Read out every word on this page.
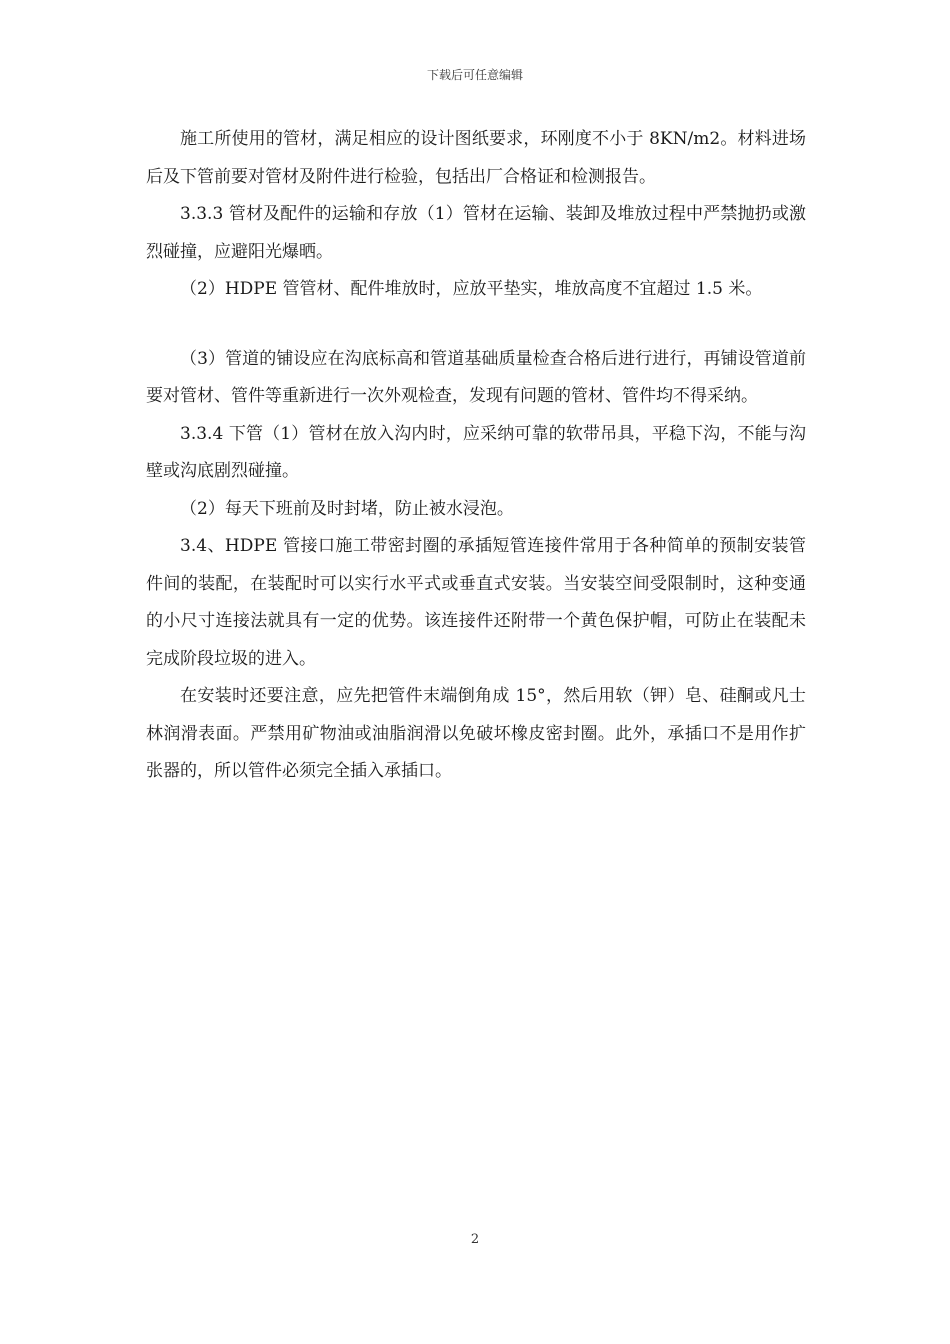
下载后可任意编辑

施工所使用的管材，满足相应的设计图纸要求，环刚度不小于 8KN/m2。材料进场后及下管前要对管材及附件进行检验，包括出厂合格证和检测报告。

3.3.3 管材及配件的运输和存放（1）管材在运输、装卸及堆放过程中严禁抛扔或激烈碰撞，应避阳光爆晒。

（2）HDPE 管管材、配件堆放时，应放平垫实，堆放高度不宜超过 1.5 米。

（3）管道的铺设应在沟底标高和管道基础质量检查合格后进行进行，再铺设管道前要对管材、管件等重新进行一次外观检查，发现有问题的管材、管件均不得采纳。

3.3.4 下管（1）管材在放入沟内时，应采纳可靠的软带吊具，平稳下沟，不能与沟壁或沟底剧烈碰撞。

（2）每天下班前及时封堵，防止被水浸泡。

3.4、HDPE 管接口施工带密封圈的承插短管连接件常用于各种简单的预制安装管件间的装配，在装配时可以实行水平式或垂直式安装。当安装空间受限制时，这种变通的小尺寸连接法就具有一定的优势。该连接件还附带一个黄色保护帽，可防止在装配未完成阶段垃圾的进入。

在安装时还要注意，应先把管件末端倒角成 15°，然后用软（钾）皂、硅酮或凡士林润滑表面。严禁用矿物油或油脂润滑以免破坏橡皮密封圈。此外，承插口不是用作扩张器的，所以管件必须完全插入承插口。

2
